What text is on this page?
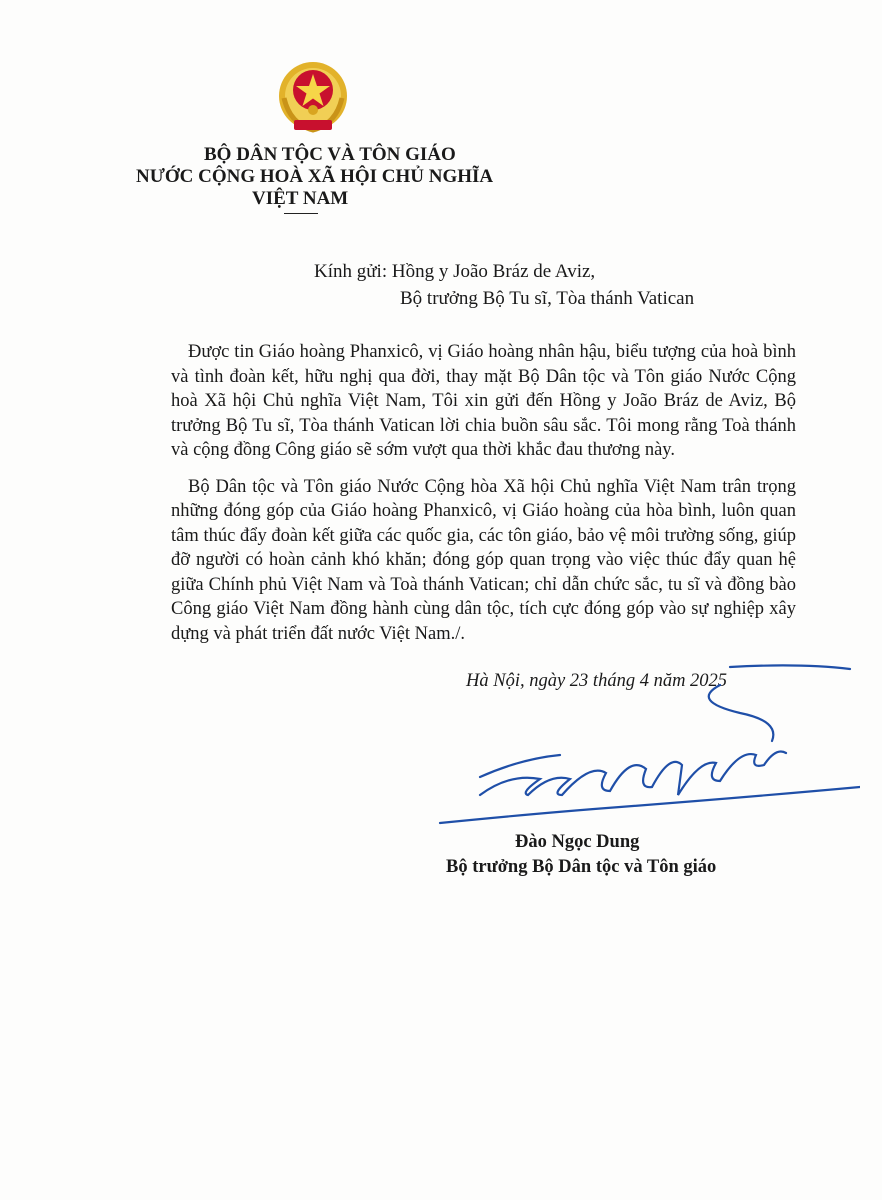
BỘ DÂN TỘC VÀ TÔN GIÁO
NƯỚC CỘNG HOÀ XÃ HỘI CHỦ NGHĨA
VIỆT NAM
Kính gửi: Hồng y João Bráz de Aviz,
Bộ trưởng Bộ Tu sĩ, Tòa thánh Vatican

Được tin Giáo hoàng Phanxicô, vị Giáo hoàng nhân hậu, biểu tượng của hoà bình và tình đoàn kết, hữu nghị qua đời, thay mặt Bộ Dân tộc và Tôn giáo Nước Cộng hoà Xã hội Chủ nghĩa Việt Nam, Tôi xin gửi đến Hồng y João Bráz de Aviz, Bộ trưởng Bộ Tu sĩ, Tòa thánh Vatican lời chia buồn sâu sắc. Tôi mong rằng Toà thánh và cộng đồng Công giáo sẽ sớm vượt qua thời khắc đau thương này.

Bộ Dân tộc và Tôn giáo Nước Cộng hòa Xã hội Chủ nghĩa Việt Nam trân trọng những đóng góp của Giáo hoàng Phanxicô, vị Giáo hoàng của hòa bình, luôn quan tâm thúc đẩy đoàn kết giữa các quốc gia, các tôn giáo, bảo vệ môi trường sống, giúp đỡ người có hoàn cảnh khó khăn; đóng góp quan trọng vào việc thúc đẩy quan hệ giữa Chính phủ Việt Nam và Toà thánh Vatican; chỉ dẫn chức sắc, tu sĩ và đồng bào Công giáo Việt Nam đồng hành cùng dân tộc, tích cực đóng góp vào sự nghiệp xây dựng và phát triển đất nước Việt Nam./.

Hà Nội, ngày 23 tháng 4 năm 2025
Đào Ngọc Dung
Bộ trưởng Bộ Dân tộc và Tôn giáo
